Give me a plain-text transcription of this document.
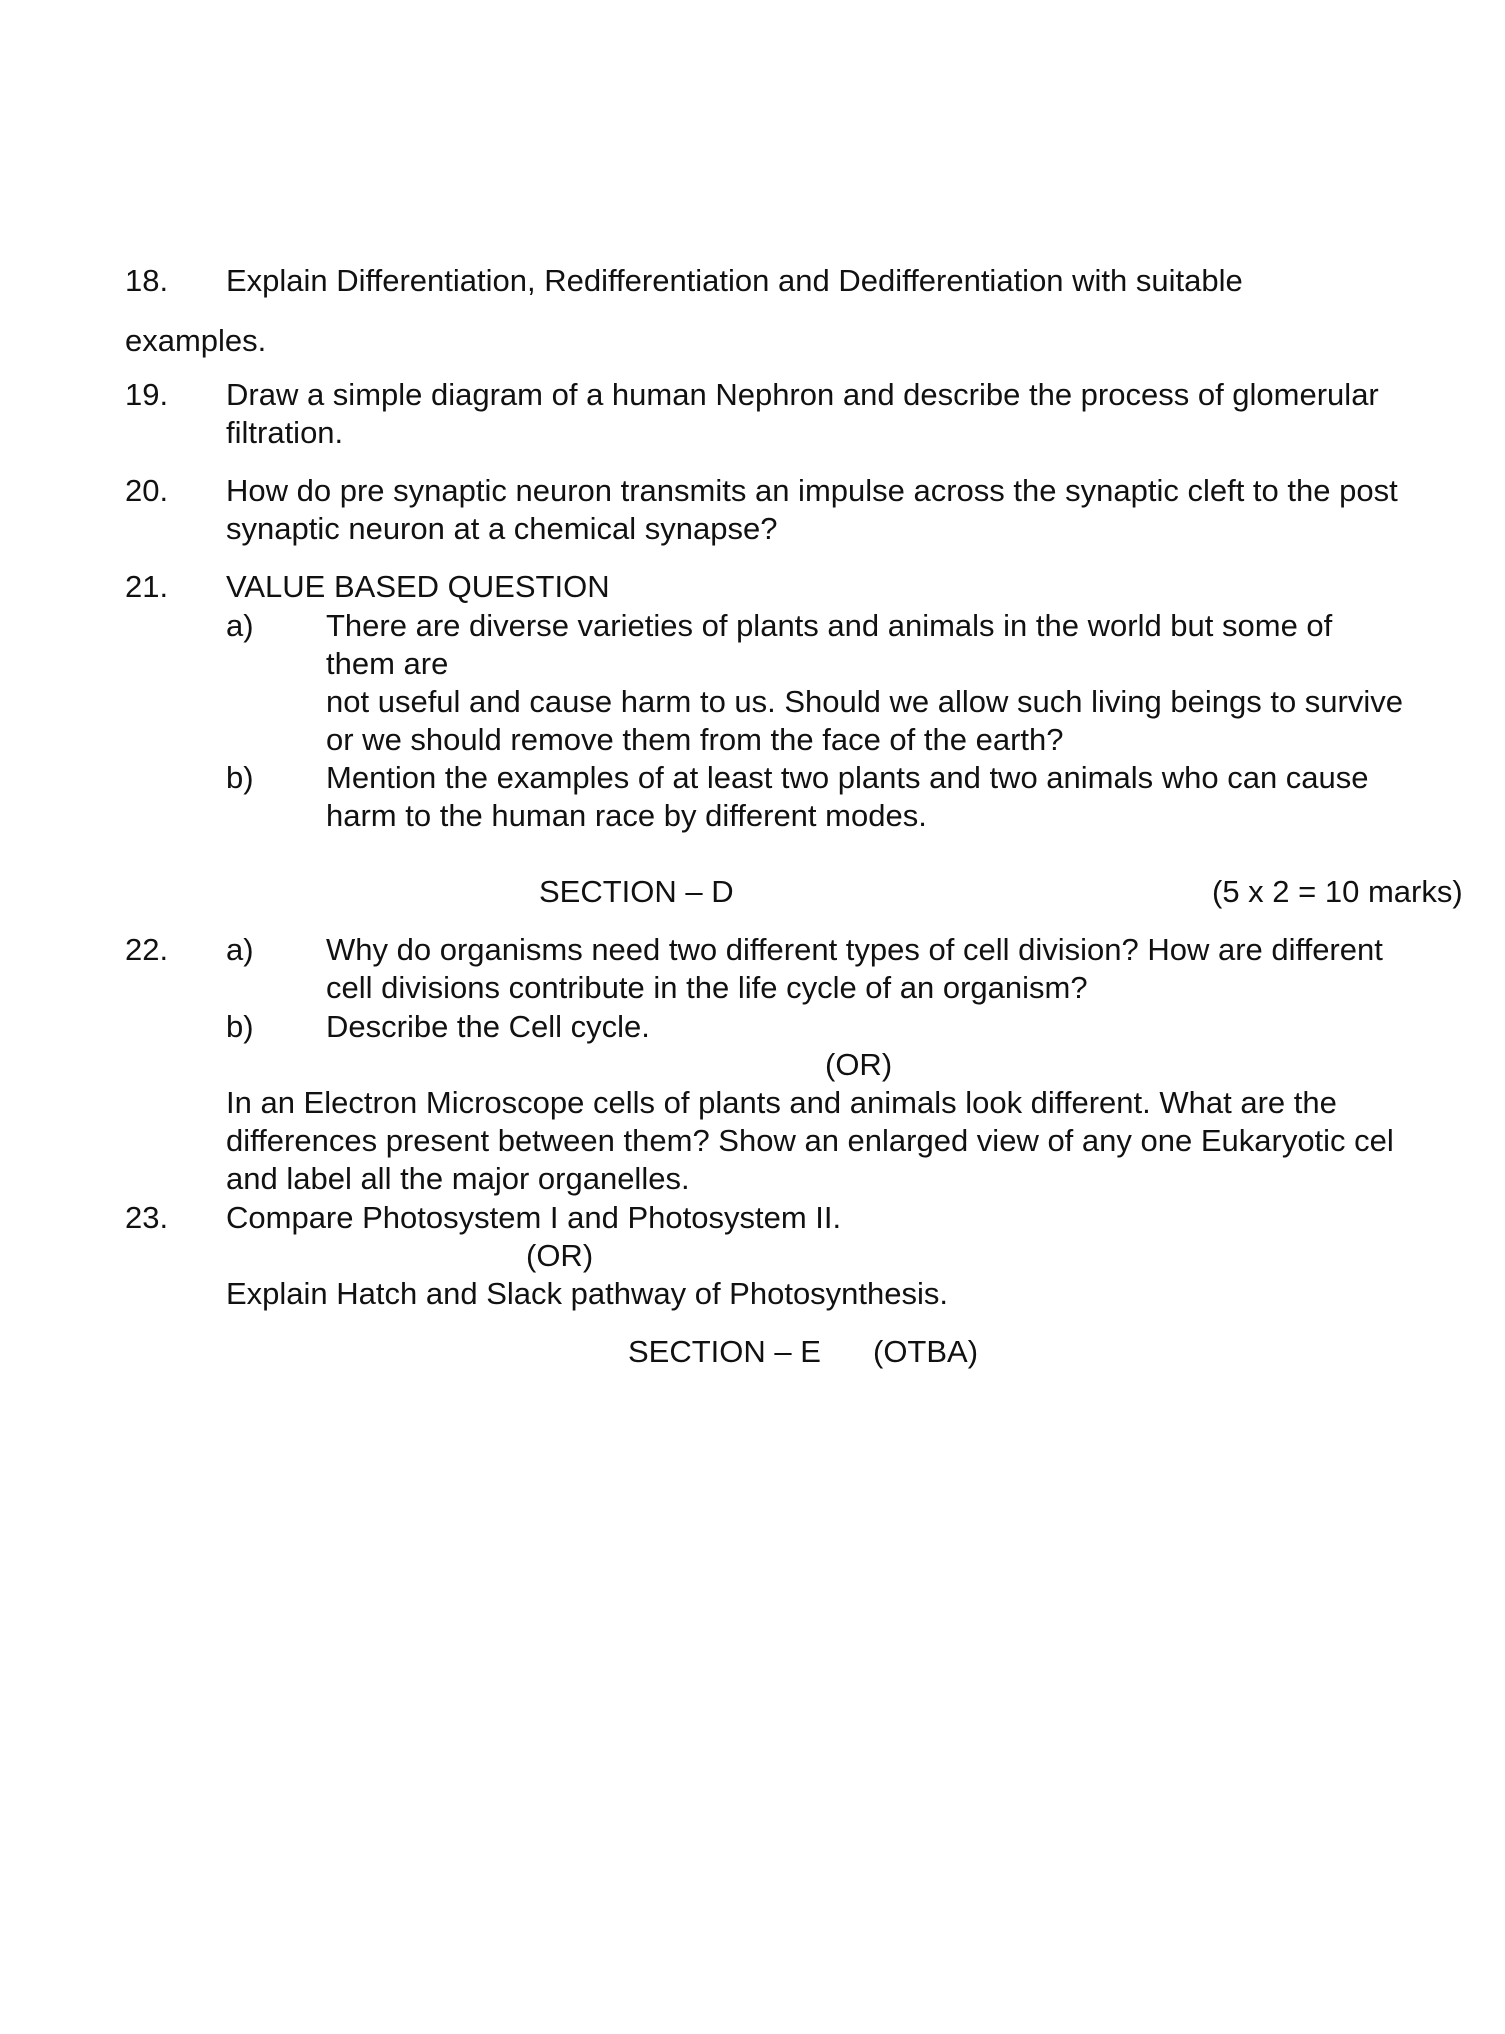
18. Explain Differentiation, Redifferentiation and Dedifferentiation with suitable
examples.
19. Draw a simple diagram of a human Nephron and describe the process of glomerular
filtration.
20. How do pre synaptic neuron transmits an impulse across the synaptic cleft to the post
synaptic neuron at a chemical synapse?
21. VALUE BASED QUESTION
a) There are diverse varieties of plants and animals in the world but some of
them are
not useful and cause harm to us. Should we allow such living beings to survive
or we should remove them from the face of the earth?
b) Mention the examples of at least two plants and two animals who can cause
harm to the human race by different modes.
SECTION – D	(5 x 2 = 10 marks)
22. a) Why do organisms need two different types of cell division? How are different
cell divisions contribute in the life cycle of an organism?
b) Describe the Cell cycle.
(OR)
In an Electron Microscope cells of plants and animals look different. What are the
differences present between them? Show an enlarged view of any one Eukaryotic cel
and label all the major organelles.
23. Compare Photosystem I and Photosystem II.
(OR)
Explain Hatch and Slack pathway of Photosynthesis.
SECTION – E (OTBA)
